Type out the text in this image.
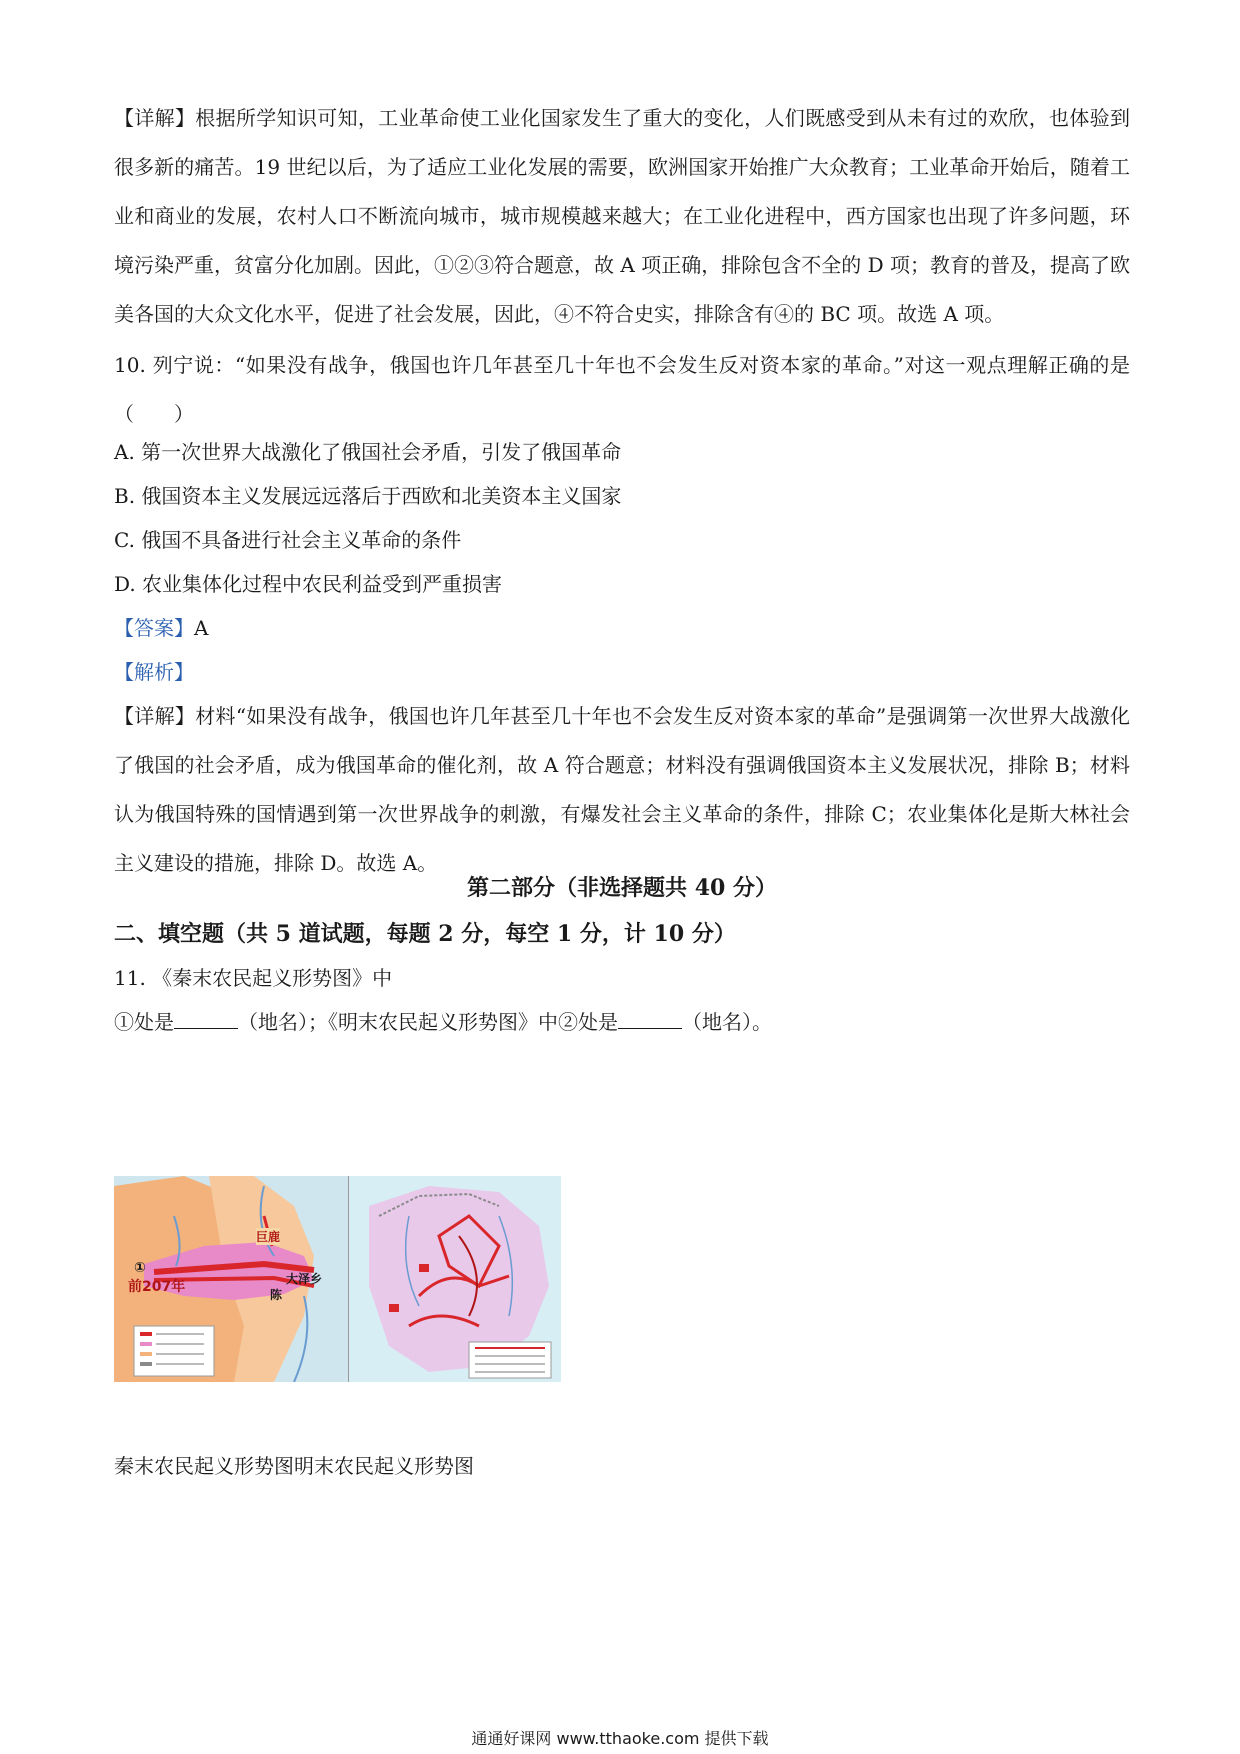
【详解】根据所学知识可知，工业革命使工业化国家发生了重大的变化，人们既感受到从未有过的欢欣，也体验到很多新的痛苦。19 世纪以后，为了适应工业化发展的需要，欧洲国家开始推广大众教育；工业革命开始后，随着工业和商业的发展，农村人口不断流向城市，城市规模越来越大；在工业化进程中，西方国家也出现了许多问题，环境污染严重，贫富分化加剧。因此，①②③符合题意，故 A 项正确，排除包含不全的 D 项；教育的普及，提高了欧美各国的大众文化水平，促进了社会发展，因此，④不符合史实，排除含有④的 BC 项。故选 A 项。

10. 列宁说：“如果没有战争，俄国也许几年甚至几十年也不会发生反对资本家的革命。”对这一观点理解正确的是（　　）

A. 第一次世界大战激化了俄国社会矛盾，引发了俄国革命
B. 俄国资本主义发展远远落后于西欧和北美资本主义国家
C. 俄国不具备进行社会主义革命的条件
D. 农业集体化过程中农民利益受到严重损害
【答案】A
【解析】

【详解】材料“如果没有战争，俄国也许几年甚至几十年也不会发生反对资本家的革命”是强调第一次世界大战激化了俄国的社会矛盾，成为俄国革命的催化剂，故 A 符合题意；材料没有强调俄国资本主义发展状况，排除 B；材料认为俄国特殊的国情遇到第一次世界战争的刺激，有爆发社会主义革命的条件，排除 C；农业集体化是斯大林社会主义建设的措施，排除 D。故选 A。

第二部分（非选择题共 40 分）
二、填空题（共 5 道试题，每题 2 分，每空 1 分，计 10 分）
11. 《秦末农民起义形势图》中
①处是	（地名）；《明末农民起义形势图》中②处是	（地名）。
①
前207年	大泽乡
巨鹿
陈
秦末农民起义形势图明末农民起义形势图
通通好课网 www.tthaoke.com 提供下载
